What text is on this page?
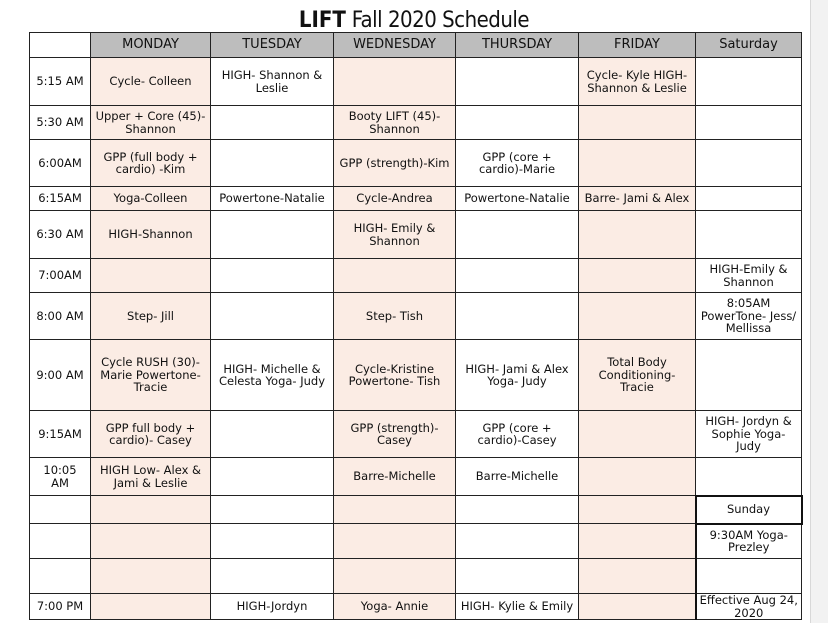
LIFT Fall 2020 Schedule
	MONDAY	TUESDAY	WEDNESDAY	THURSDAY	FRIDAY	Saturday
5:15 AM	Cycle- Colleen	HIGH- Shannon & Leslie			Cycle- Kyle HIGH-Shannon & Leslie	
5:30 AM	Upper + Core (45)- Shannon		Booty LIFT (45)- Shannon			
6:00AM	GPP (full body + cardio) -Kim		GPP (strength)-Kim	GPP (core + cardio)-Marie		
6:15AM	Yoga-Colleen	Powertone-Natalie	Cycle-Andrea	Powertone-Natalie	Barre- Jami & Alex	
6:30 AM	HIGH-Shannon		HIGH- Emily & Shannon			
7:00AM						HIGH-Emily & Shannon
8:00 AM	Step- Jill		Step- Tish			8:05AM PowerTone- Jess/ Mellissa
9:00 AM	Cycle RUSH (30)- Marie Powertone- Tracie	HIGH- Michelle & Celesta Yoga- Judy	Cycle-Kristine Powertone- Tish	HIGH- Jami & Alex Yoga- Judy	Total Body Conditioning- Tracie	
9:15AM	GPP full body + cardio)- Casey		GPP (strength)- Casey	GPP (core + cardio)-Casey		HIGH- Jordyn & Sophie Yoga-Judy
10:05 AM	HIGH Low- Alex & Jami & Leslie		Barre-Michelle	Barre-Michelle		
						Sunday
						9:30AM Yoga- Prezley

7:00 PM		HIGH-Jordyn	Yoga- Annie	HIGH- Kylie & Emily		Effective Aug 24, 2020
